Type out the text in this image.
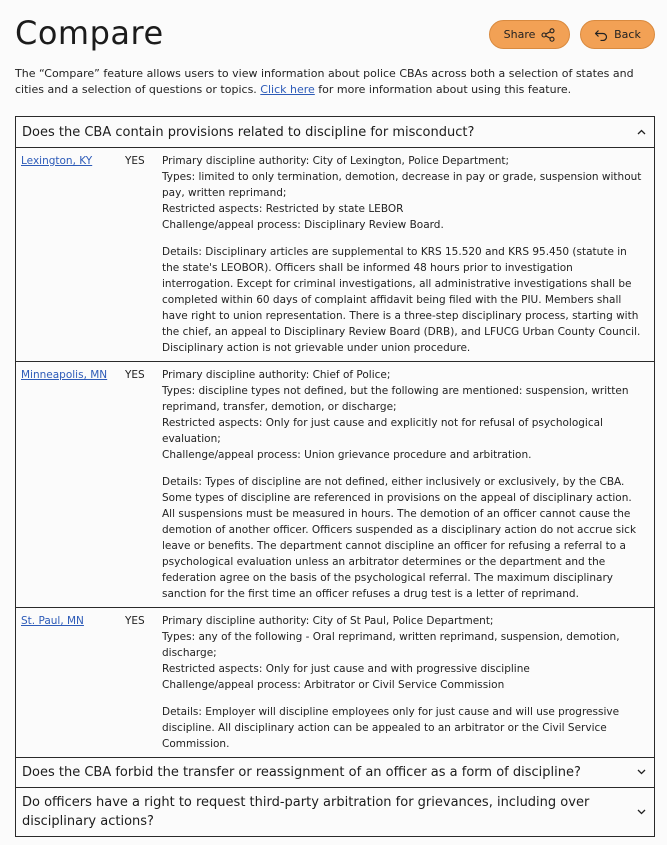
Compare	Share	Back

The “Compare” feature allows users to view information about police CBAs across both a selection of states and cities and a selection of questions or topics. Click here for more information about using this feature.

Does the CBA contain provisions related to discipline for misconduct?
Lexington, KY	YES	Primary discipline authority: City of Lexington, Police Department;
Types: limited to only termination, demotion, decrease in pay or grade, suspension without pay, written reprimand;
Restricted aspects: Restricted by state LEBOR
Challenge/appeal process: Disciplinary Review Board.

Details: Disciplinary articles are supplemental to KRS 15.520 and KRS 95.450 (statute in the state's LEOBOR). Officers shall be informed 48 hours prior to investigation interrogation. Except for criminal investigations, all administrative investigations shall be completed within 60 days of complaint affidavit being filed with the PIU. Members shall have right to union representation. There is a three-step disciplinary process, starting with the chief, an appeal to Disciplinary Review Board (DRB), and LFUCG Urban County Council. Disciplinary action is not grievable under union procedure.

Minneapolis, MN	YES	Primary discipline authority: Chief of Police;
Types: discipline types not defined, but the following are mentioned: suspension, written reprimand, transfer, demotion, or discharge;
Restricted aspects: Only for just cause and explicitly not for refusal of psychological evaluation;
Challenge/appeal process: Union grievance procedure and arbitration.

Details: Types of discipline are not defined, either inclusively or exclusively, by the CBA. Some types of discipline are referenced in provisions on the appeal of disciplinary action. All suspensions must be measured in hours. The demotion of an officer cannot cause the demotion of another officer. Officers suspended as a disciplinary action do not accrue sick leave or benefits. The department cannot discipline an officer for refusing a referral to a psychological evaluation unless an arbitrator determines or the department and the federation agree on the basis of the psychological referral. The maximum disciplinary sanction for the first time an officer refuses a drug test is a letter of reprimand.

St. Paul, MN	YES	Primary discipline authority: City of St Paul, Police Department;
Types: any of the following - Oral reprimand, written reprimand, suspension, demotion, discharge;
Restricted aspects: Only for just cause and with progressive discipline
Challenge/appeal process: Arbitrator or Civil Service Commission

Details: Employer will discipline employees only for just cause and will use progressive discipline. All disciplinary action can be appealed to an arbitrator or the Civil Service Commission.

Does the CBA forbid the transfer or reassignment of an officer as a form of discipline?
Do officers have a right to request third-party arbitration for grievances, including over disciplinary actions?
